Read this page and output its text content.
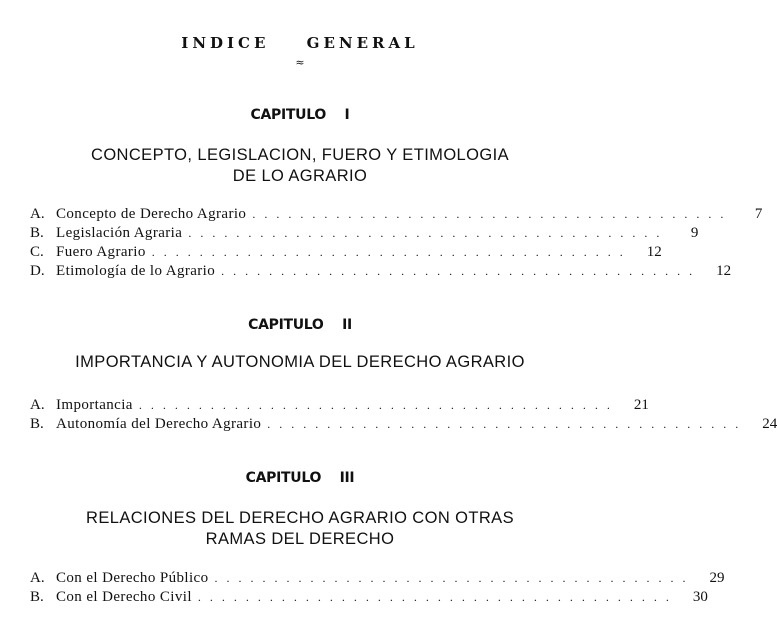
INDICE GENERAL
≈
CAPITULO I
CONCEPTO, LEGISLACION, FUERO Y ETIMOLOGIA
DE LO AGRARIO
A. Concepto de Derecho Agrario . . . . . . . . . . . . . . . . . . . . . . . . . . . . . . . . . . . . . . . .	7
B. Legislación Agraria . . . . . . . . . . . . . . . . . . . . . . . . . . . . . . . . . . . . . . . .	9
C. Fuero Agrario . . . . . . . . . . . . . . . . . . . . . . . . . . . . . . . . . . . . . . . .	12
D. Etimología de lo Agrario . . . . . . . . . . . . . . . . . . . . . . . . . . . . . . . . . . . . . . . .	12
CAPITULO II
IMPORTANCIA Y AUTONOMIA DEL DERECHO AGRARIO
A. Importancia . . . . . . . . . . . . . . . . . . . . . . . . . . . . . . . . . . . . . . . .	21
B. Autonomía del Derecho Agrario . . . . . . . . . . . . . . . . . . . . . . . . . . . . . . . . . . . . . . . .	24
CAPITULO III
RELACIONES DEL DERECHO AGRARIO CON OTRAS
RAMAS DEL DERECHO
A. Con el Derecho Público . . . . . . . . . . . . . . . . . . . . . . . . . . . . . . . . . . . . . . . .	29
B. Con el Derecho Civil . . . . . . . . . . . . . . . . . . . . . . . . . . . . . . . . . . . . . . . .	30
